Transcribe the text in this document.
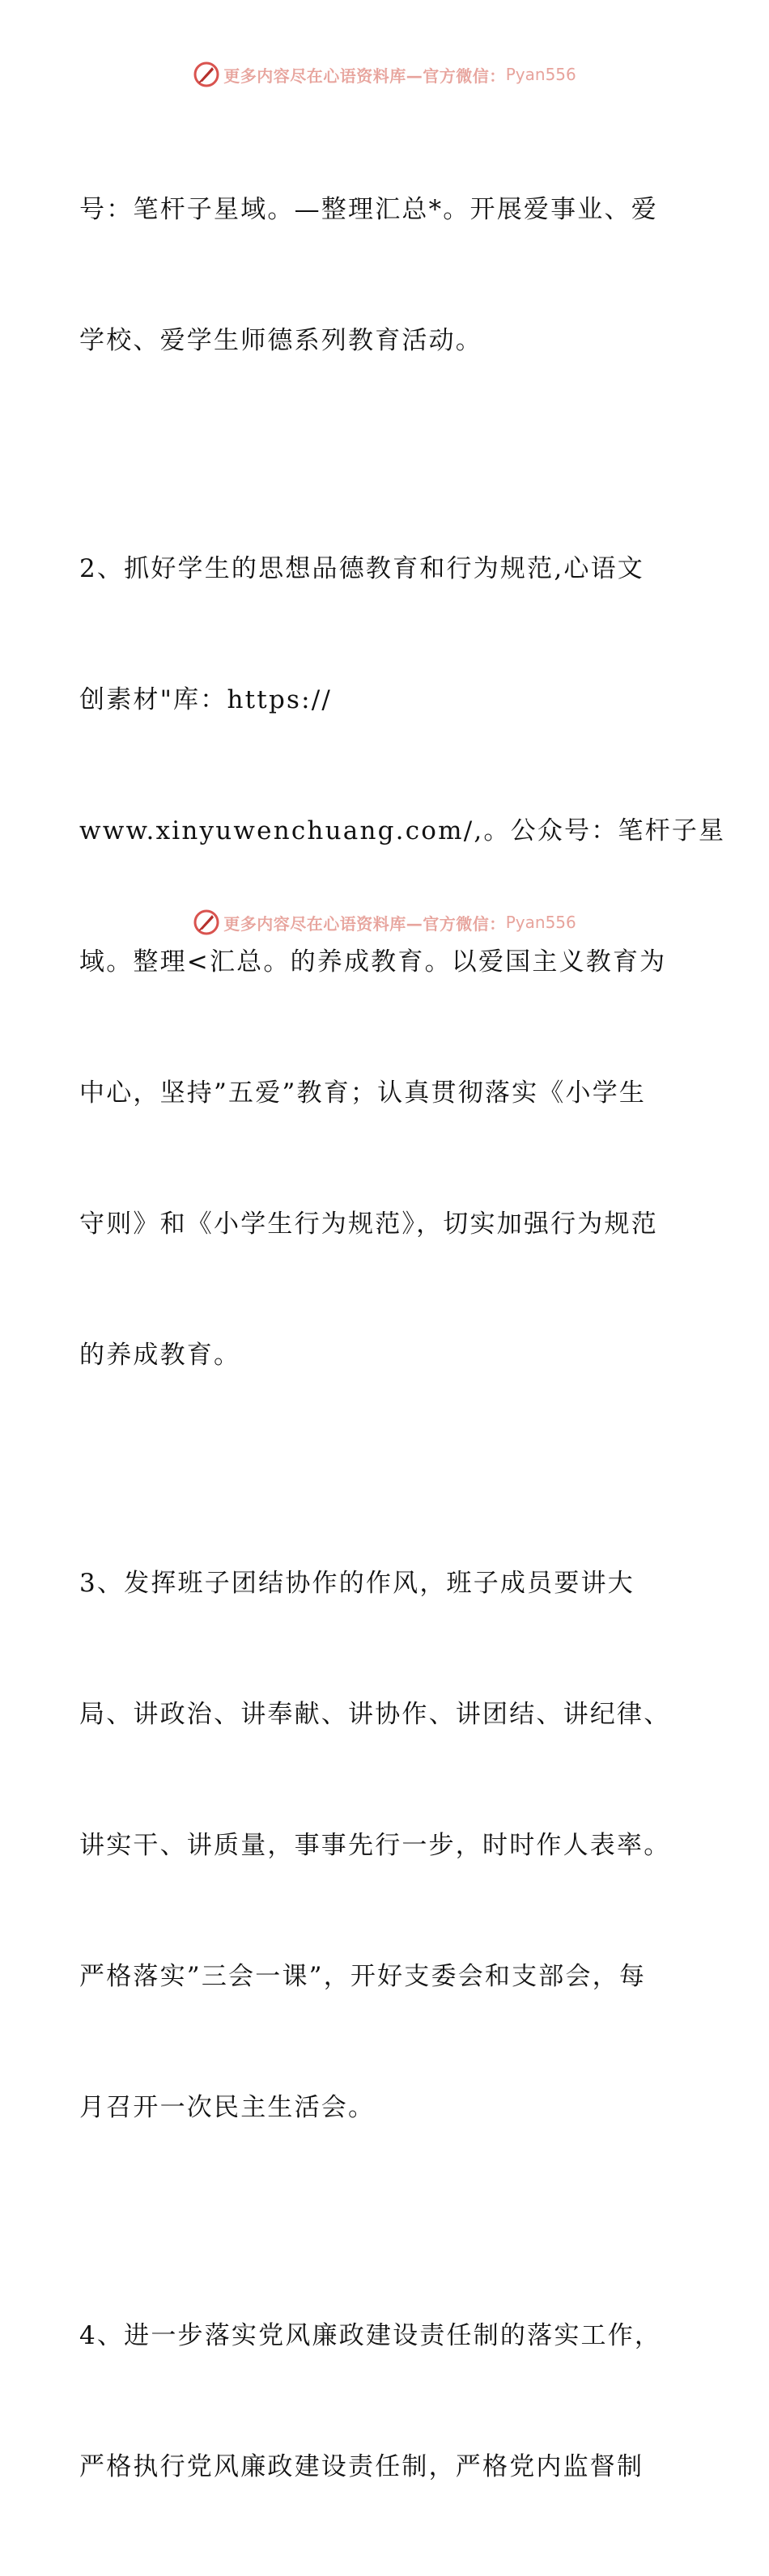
更多内容尽在心语资料库—官方微信： Pyan556

号：笔杆子星域。—整理汇总*。开展爱事业、爱

学校、爱学生师德系列教育活动。

2、抓好学生的思想品德教育和行为规范,心语文

创素材"库：https://

www.xinyuwenchuang.com/,。公众号：笔杆子星

域。整理<汇总。的养成教育。以爱国主义教育为

中心，坚持”五爱”教育；认真贯彻落实《小学生

守则》和《小学生行为规范》，切实加强行为规范

的养成教育。

3、发挥班子团结协作的作风，班子成员要讲大

局、讲政治、讲奉献、讲协作、讲团结、讲纪律、

讲实干、讲质量，事事先行一步，时时作人表率。

严格落实”三会一课”，开好支委会和支部会，每

月召开一次民主生活会。

4、进一步落实党风廉政建设责任制的落实工作，

严格执行党风廉政建设责任制，严格党内监督制

更多内容尽在心语资料库—官方微信： Pyan556
